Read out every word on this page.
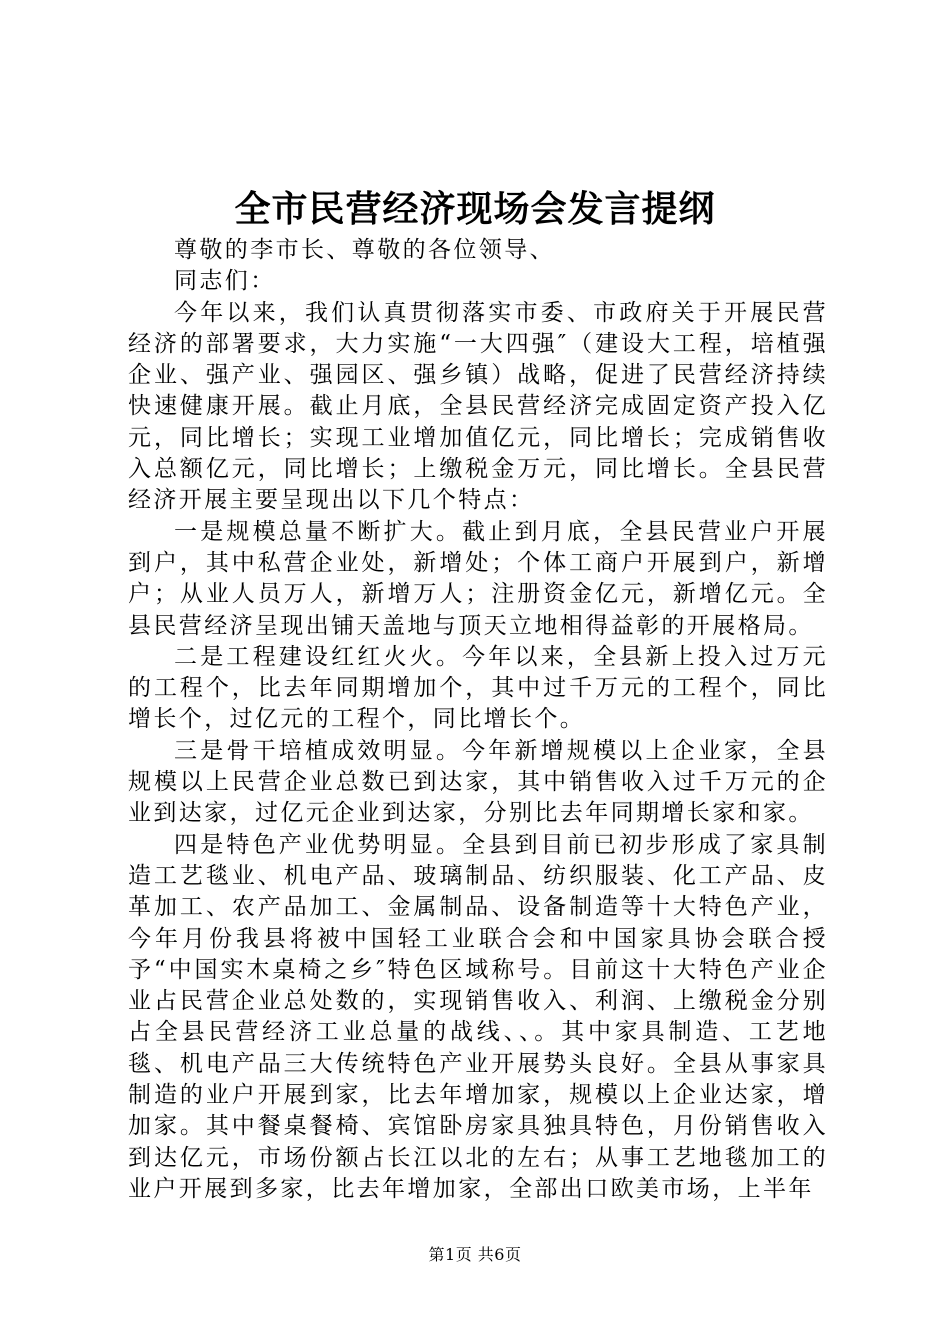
全市民营经济现场会发言提纲

尊敬的李市长、尊敬的各位领导、

同志们：

今年以来，我们认真贯彻落实市委、市政府关于开展民营经济的部署要求，大力实施“一大四强″（建设大工程，培植强企业、强产业、强园区、强乡镇）战略，促进了民营经济持续快速健康开展。截止月底，全县民营经济完成固定资产投入亿元，同比增长；实现工业增加值亿元，同比增长；完成销售收入总额亿元，同比增长；上缴税金万元，同比增长。全县民营经济开展主要呈现出以下几个特点：

一是规模总量不断扩大。截止到月底，全县民营业户开展到户，其中私营企业处，新增处；个体工商户开展到户，新增户；从业人员万人，新增万人；注册资金亿元，新增亿元。全县民营经济呈现出铺天盖地与顶天立地相得益彰的开展格局。

二是工程建设红红火火。今年以来，全县新上投入过万元的工程个，比去年同期增加个，其中过千万元的工程个，同比增长个，过亿元的工程个，同比增长个。

三是骨干培植成效明显。今年新增规模以上企业家，全县规模以上民营企业总数已到达家，其中销售收入过千万元的企业到达家，过亿元企业到达家，分别比去年同期增长家和家。

四是特色产业优势明显。全县到目前已初步形成了家具制造工艺毯业、机电产品、玻璃制品、纺织服装、化工产品、皮革加工、农产品加工、金属制品、设备制造等十大特色产业，今年月份我县将被中国轻工业联合会和中国家具协会联合授予“中国实木桌椅之乡″特色区域称号。目前这十大特色产业企业占民营企业总处数的，实现销售收入、利润、上缴税金分别占全县民营经济工业总量的战线、、。其中家具制造、工艺地毯、机电产品三大传统特色产业开展势头良好。全县从事家具制造的业户开展到家，比去年增加家，规模以上企业达家，增加家。其中餐桌餐椅、宾馆卧房家具独具特色，月份销售收入到达亿元，市场份额占长江以北的左右；从事工艺地毯加工的业户开展到多家，比去年增加家，全部出口欧美市场，上半年

第1页 共6页
